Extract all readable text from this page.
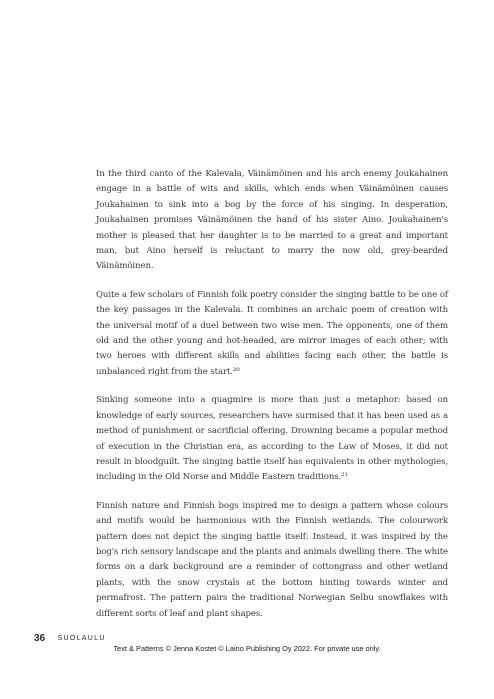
In the third canto of the Kalevala, Väinämöinen and his arch enemy Joukahainen engage in a battle of wits and skills, which ends when Väinämöinen causes Joukahainen to sink into a bog by the force of his singing. In desperation, Joukahainen promises Väinämöinen the hand of his sister Aino. Joukahainen's mother is pleased that her daughter is to be married to a great and important man, but Aino herself is reluctant to marry the now old, grey-bearded Väinämöinen.

Quite a few scholars of Finnish folk poetry consider the singing battle to be one of the key passages in the Kalevala. It combines an archaic poem of creation with the universal motif of a duel between two wise men. The opponents, one of them old and the other young and hot-headed, are mirror images of each other; with two heroes with different skills and abilities facing each other, the battle is unbalanced right from the start.²⁰

Sinking someone into a quagmire is more than just a metaphor: based on knowledge of early sources, researchers have surmised that it has been used as a method of punishment or sacrificial offering. Drowning became a popular method of execution in the Christian era, as according to the Law of Moses, it did not result in bloodguilt. The singing battle itself has equivalents in other mythologies, including in the Old Norse and Middle Eastern traditions.²¹

Finnish nature and Finnish bogs inspired me to design a pattern whose colours and motifs would be harmonious with the Finnish wetlands. The colourwork pattern does not depict the singing battle itself: Instead, it was inspired by the bog's rich sensory landscape and the plants and animals dwelling there. The white forms on a dark background are a reminder of cottongrass and other wetland plants, with the snow crystals at the bottom hinting towards winter and permafrost. The pattern pairs the traditional Norwegian Selbu snowflakes with different sorts of leaf and plant shapes.

36 SUOLAULU
Text & Patterns © Jenna Kostet © Laino Publishing Oy 2022. For private use only.
